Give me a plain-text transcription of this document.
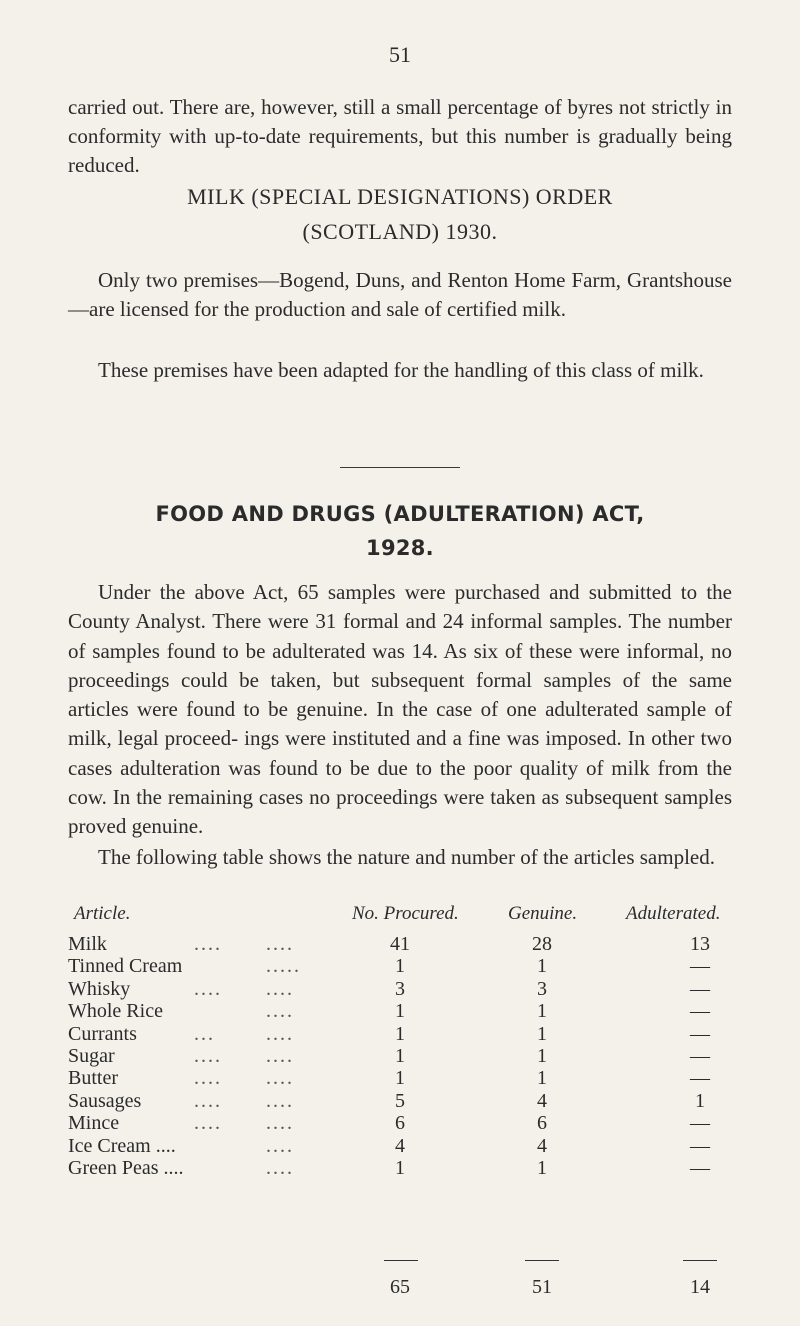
51
carried out. There are, however, still a small percentage of byres not strictly in conformity with up-to-date requirements, but this number is gradually being reduced.
MILK (SPECIAL DESIGNATIONS) ORDER
(SCOTLAND) 1930.
Only two premises—Bogend, Duns, and Renton Home Farm, Grantshouse—are licensed for the production and sale of certified milk.
These premises have been adapted for the handling of this class of milk.
FOOD AND DRUGS (ADULTERATION) ACT,
1928.
Under the above Act, 65 samples were purchased and submitted to the County Analyst. There were 31 formal and 24 informal samples. The number of samples found to be adulterated was 14. As six of these were informal, no proceedings could be taken, but subsequent formal samples of the same articles were found to be genuine. In the case of one adulterated sample of milk, legal proceed- ings were instituted and a fine was imposed. In other two cases adulteration was found to be due to the poor quality of milk from the cow. In the remaining cases no proceedings were taken as subsequent samples proved genuine.
The following table shows the nature and number of the articles sampled.
Article.	No. Procured.	Genuine.	Adulterated.
Milk	.... ....	41	28	13
Tinned Cream	.....	1	1	—
Whisky	.... ....	3	3	—
Whole Rice	....	1	1	—
Currants	...	....	1	1	—
Sugar	.... ....	1	1	—
Butter	.... ....	1	1	—
Sausages	.... ....	5	4	1
Mince	.... ....	6	6	—
Ice Cream ....	....	4	4	—
Green Peas ....	....	1	1	—
65	51	14
